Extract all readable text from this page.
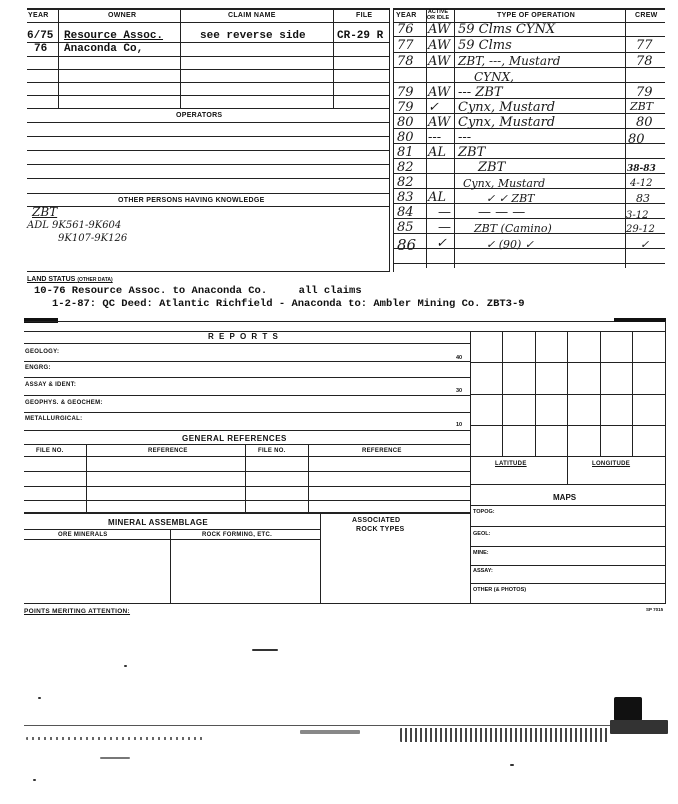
YEAR	OWNER	CLAIM NAME	FILE	YEAR ACTIVE
OR IDLE	TYPE OF OPERATION	CREW
6/75 Resource Assoc.	see reverse side	CR-29 R
76 Anaconda Co,
OPERATORS
OTHER PERSONS HAVING KNOWLEDGE
ZBT
ADL 9K561-9K604
9K107-9K126
76 AW 59 Clms CYNX
77 AW 59 Clms	77
78 AW ZBT, ---, Mustard	78
CYNX,
79 AW --- ZBT	79
79 ✓ Cynx, Mustard	ZBT
80 AW Cynx, Mustard	80
80 --- ---	80
81 AL ZBT
82	ZBT	38-83
82	Cynx, Mustard	4-12
83 AL	✓ ✓ ZBT	83
84 — — — —	3-12
85 — ZBT (Camino)	29-12
86 ✓	✓ (90) ✓	✓
LAND STATUS (OTHER DATA)
10-76 Resource Assoc. to Anaconda Co.     all claims
1-2-87: QC Deed: Atlantic Richfield - Anaconda to: Ambler Mining Co. ZBT3-9
R E P O R T S
GEOLOGY:
40
ENGRG:
ASSAY & IDENT:
30
GEOPHYS. & GEOCHEM:
METALLURGICAL:
10
GENERAL REFERENCES
FILE NO.	REFERENCE	FILE NO.	REFERENCE
LATITUDE	LONGITUDE
MAPS
TOPOG:
GEOL:
MINE:
ASSAY:
OTHER (& PHOTOS)
MINERAL ASSEMBLAGE	ASSOCIATED
ROCK TYPES
ORE MINERALS	ROCK FORMING, ETC.
POINTS MERITING ATTENTION:	SP 7015
